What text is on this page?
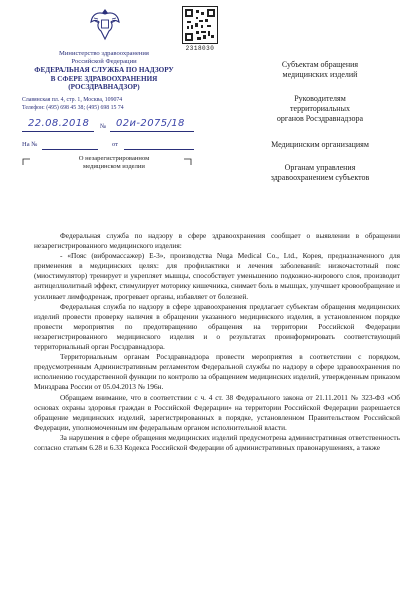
2318030
Министерство здравоохранения
Российской Федерации
ФЕДЕРАЛЬНАЯ СЛУЖБА ПО НАДЗОРУ
В СФЕРЕ ЗДРАВООХРАНЕНИЯ
(РОСЗДРАВНАДЗОР)
Славянская пл. 4, стр. 1, Москва, 109074
Телефон: (495) 698 45 38; (495) 698 15 74
22.08.2018 № 02и-2075/18
На №	от
О незарегистрированном
медицинском изделии
Субъектам обращения
медицинских изделий
Руководителям
территориальных
органов Росздравнадзора
Медицинским организациям
Органам управления
здравоохранением субъектов

Федеральная служба по надзору в сфере здравоохранения сообщает о выявлении в обращении незарегистрированного медицинского изделия:

- «Пояс (вибромассажер) E-3», производства Nuga Medical Co., Ltd., Корея, предназначенного для применения в медицинских целях: для профилактики и лечения заболеваний: низкочастотный пояс (миостимулятор) тренирует и укрепляет мышцы, способствует уменьшению подкожно-жирового слоя, производит антицеллюлитный эффект, стимулирует моторику кишечника, снимает боль в мышцах, улучшает кровообращение и усиливает лимфодренаж, прогревает органы, избавляет от болезней.

Федеральная служба по надзору в сфере здравоохранения предлагает субъектам обращения медицинских изделий провести проверку наличия в обращении указанного медицинского изделия, в установленном порядке провести мероприятия по предотвращению обращения на территории Российской Федерации незарегистрированного медицинского изделия и о результатах проинформировать соответствующий территориальный орган Росздравнадзора.

Территориальным органам Росздравнадзора провести мероприятия в соответствии с порядком, предусмотренным Административным регламентом Федеральной службы по надзору в сфере здравоохранения по исполнению государственной функции по контролю за обращением медицинских изделий, утвержденным приказом Минздрава России от 05.04.2013 № 196н.

Обращаем внимание, что в соответствии с ч. 4 ст. 38 Федерального закона от 21.11.2011 № 323-ФЗ «Об основах охраны здоровья граждан в Российской Федерации» на территории Российской Федерации разрешается обращение медицинских изделий, зарегистрированных в порядке, установленном Правительством Российской Федерации, уполномоченным им федеральным органом исполнительной власти.

За нарушения в сфере обращения медицинских изделий предусмотрена административная ответственность согласно статьям 6.28 и 6.33 Кодекса Российской Федерации об административных правонарушениях, а также
